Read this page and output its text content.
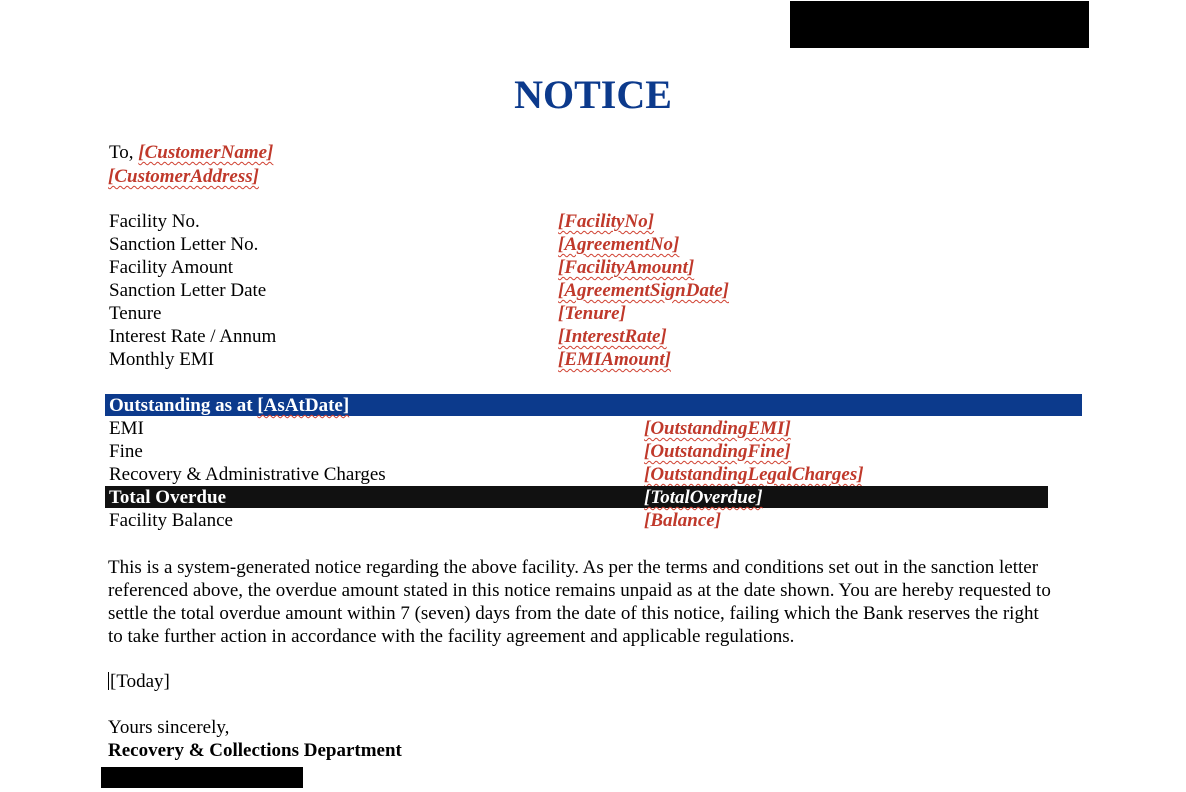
NOTICE
To, [CustomerName]
[CustomerAddress]
Facility No.	[FacilityNo]
Sanction Letter No.	[AgreementNo]
Facility Amount	[FacilityAmount]
Sanction Letter Date	[AgreementSignDate]
Tenure	[Tenure]
Interest Rate / Annum	[InterestRate]
Monthly EMI	[EMIAmount]
Outstanding as at [AsAtDate]
EMI	[OutstandingEMI]
Fine	[OutstandingFine]
Recovery & Administrative Charges	[OutstandingLegalCharges]
Total Overdue	[TotalOverdue]
Facility Balance	[Balance]
This is a system-generated notice regarding the above facility. As per the terms and conditions set out in the sanction letter referenced above, the overdue amount stated in this notice remains unpaid as at the date shown. You are hereby requested to settle the total overdue amount within 7 (seven) days from the date of this notice, failing which the Bank reserves the right to take further action in accordance with the facility agreement and applicable regulations.
[Today]
Yours sincerely,
Recovery & Collections Department
